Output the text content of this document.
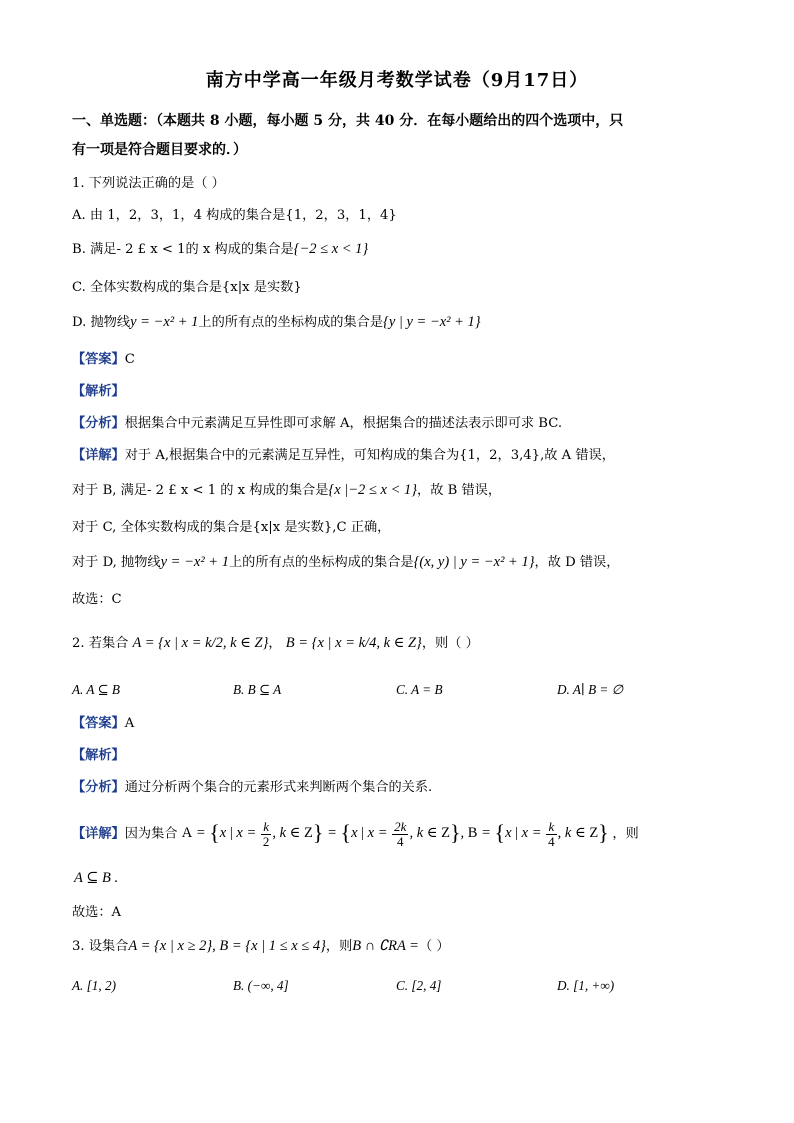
南方中学高一年级月考数学试卷（9月17日）
一、单选题：（本题共 8 小题，每小题 5 分，共 40 分．在每小题给出的四个选项中，只
有一项是符合题目要求的．）
1. 下列说法正确的是（ ）
A. 由 1，2，3，1，4 构成的集合是{1，2，3，1，4}
B. 满足- 2 £ x < 1的 x 构成的集合是{−2 ≤ x < 1}
C. 全体实数构成的集合是{x|x 是实数}
D. 抛物线y = −x² + 1上的所有点的坐标构成的集合是{y | y = −x² + 1}
【答案】C
【解析】
【分析】根据集合中元素满足互异性即可求解 A，根据集合的描述法表示即可求 BC.
【详解】对于 A,根据集合中的元素满足互异性，可知构成的集合为{1，2，3,4},故 A 错误，
对于 B, 满足- 2 £ x < 1 的 x 构成的集合是{x |−2 ≤ x < 1}，故 B 错误，
对于 C, 全体实数构成的集合是{x|x 是实数},C 正确，
对于 D, 抛物线y = −x² + 1上的所有点的坐标构成的集合是{(x, y) | y = −x² + 1}，故 D 错误，
故选：C
2. 若集合 A = {x | x = k/2, k ∈ Z}， B = {x | x = k/4, k ∈ Z}，则（ ）
A. A ⊆ B	B. B ⊆ A	C. A = B	D. A∣ B = ∅
【答案】A
【解析】
【分析】通过分析两个集合的元素形式来判断两个集合的关系.
【详解】因为集合 A = {x | $x = \frac{k}{2}$ , k ∈ Z} = {x | $x = \frac{2k}{4}$ , k ∈ Z}, B = {x | $x = \frac{k}{4}$ , k ∈ Z} ，则
A ⊆ B .
故选：A
3. 设集合A = {x | x ≥ 2}, B = {x | 1 ≤ x ≤ 4}，则B ∩ ∁RA =（ ）
A. [1, 2)	B. (−∞, 4]	C. [2, 4]	D. [1, +∞)
